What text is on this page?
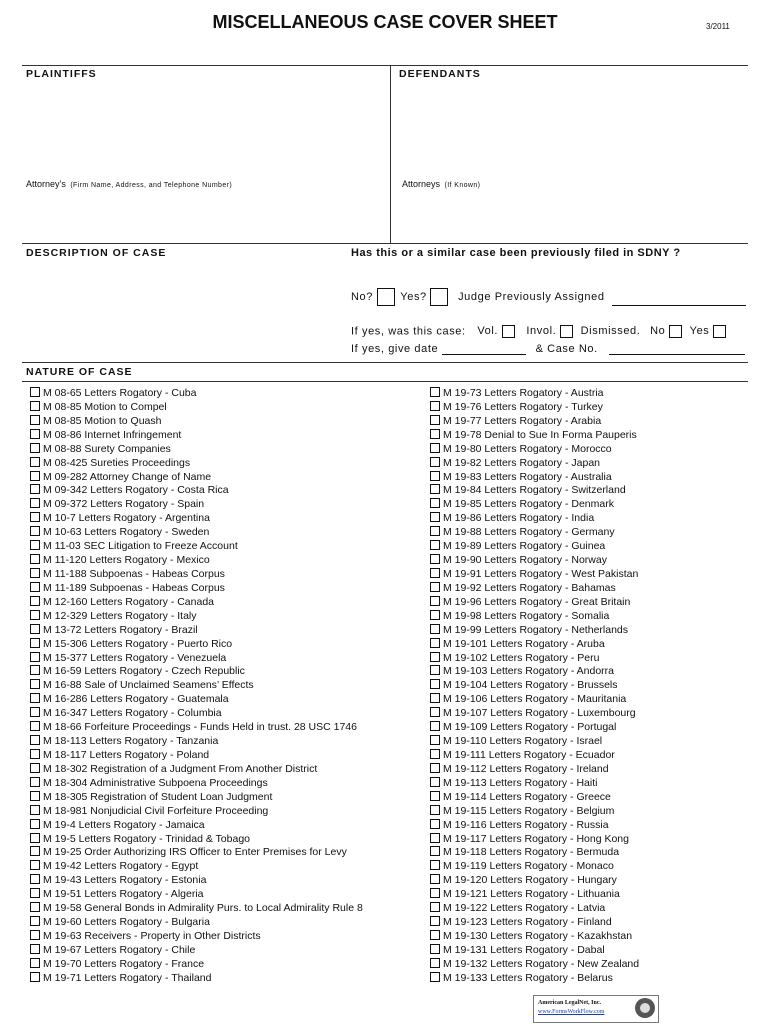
MISCELLANEOUS CASE COVER SHEET	3/2011
PLAINTIFFS	DEFENDANTS
Attorney’s (Firm Name, Address, and Telephone Number)	Attorneys (If Known)
DESCRIPTION OF CASE	Has this or a similar case been previously filed in SDNY ?
No? Yes?	Judge Previously Assigned
If yes, was this case: Vol.	Invol. Dismissed. No Yes
If yes, give date	& Case No.
NATURE OF CASE
M 08-65 Letters Rogatory - Cuba
M 08-85 Motion to Compel
M 08-85 Motion to Quash
M 08-86 Internet Infringement
M 08-88 Surety Companies
M 08-425 Sureties Proceedings
M 09-282 Attorney Change of Name
M 09-342 Letters Rogatory - Costa Rica
M 09-372 Letters Rogatory - Spain
M 10-7 Letters Rogatory - Argentina
M 10-63 Letters Rogatory - Sweden
M 11-03 SEC Litigation to Freeze Account
M 11-120 Letters Rogatory - Mexico
M 11-188 Subpoenas - Habeas Corpus
M 11-189 Subpoenas - Habeas Corpus
M 12-160 Letters Rogatory - Canada
M 12-329 Letters Rogatory - Italy
M 13-72 Letters Rogatory - Brazil
M 15-306 Letters Rogatory - Puerto Rico
M 15-377 Letters Rogatory - Venezuela
M 16-59 Letters Rogatory - Czech Republic
M 16-88 Sale of Unclaimed Seamens’ Effects
M 16-286 Letters Rogatory - Guatemala
M 16-347 Letters Rogatory - Columbia
M 18-66 Forfeiture Proceedings - Funds Held in trust. 28 USC 1746
M 18-113 Letters Rogatory - Tanzania
M 18-117 Letters Rogatory - Poland
M 18-302 Registration of a Judgment From Another District
M 18-304 Administrative Subpoena Proceedings
M 18-305 Registration of Student Loan Judgment
M 18-981 Nonjudicial Civil Forfeiture Proceeding
M 19-4 Letters Rogatory - Jamaica
M 19-5 Letters Rogatory - Trinidad & Tobago
M 19-25 Order Authorizing IRS Officer to Enter Premises for Levy
M 19-42 Letters Rogatory - Egypt
M 19-43 Letters Rogatory - Estonia
M 19-51 Letters Rogatory - Algeria
M 19-58 General Bonds in Admirality Purs. to Local Admirality Rule 8
M 19-60 Letters Rogatory - Bulgaria
M 19-63 Receivers - Property in Other Districts
M 19-67 Letters Rogatory - Chile
M 19-70 Letters Rogatory - France
M 19-71 Letters Rogatory - Thailand
M 19-73 Letters Rogatory - Austria
M 19-76 Letters Rogatory - Turkey
M 19-77 Letters Rogatory - Arabia
M 19-78 Denial to Sue In Forma Pauperis
M 19-80 Letters Rogatory - Morocco
M 19-82 Letters Rogatory - Japan
M 19-83 Letters Rogatory - Australia
M 19-84 Letters Rogatory - Switzerland
M 19-85 Letters Rogatory - Denmark
M 19-86 Letters Rogatory - India
M 19-88 Letters Rogatory - Germany
M 19-89 Letters Rogatory - Guinea
M 19-90 Letters Rogatory - Norway
M 19-91 Letters Rogatory - West Pakistan
M 19-92 Letters Rogatory - Bahamas
M 19-96 Letters Rogatory - Great Britain
M 19-98 Letters Rogatory - Somalia
M 19-99 Letters Rogatory - Netherlands
M 19-101 Letters Rogatory - Aruba
M 19-102 Letters Rogatory - Peru
M 19-103 Letters Rogatory - Andorra
M 19-104 Letters Rogatory - Brussels
M 19-106 Letters Rogatory - Mauritania
M 19-107 Letters Rogatory - Luxembourg
M 19-109 Letters Rogatory - Portugal
M 19-110 Letters Rogatory - Israel
M 19-111 Letters Rogatory - Ecuador
M 19-112 Letters Rogatory - Ireland
M 19-113 Letters Rogatory - Haiti
M 19-114 Letters Rogatory - Greece
M 19-115 Letters Rogatory - Belgium
M 19-116 Letters Rogatory - Russia
M 19-117 Letters Rogatory - Hong Kong
M 19-118 Letters Rogatory - Bermuda
M 19-119 Letters Rogatory - Monaco
M 19-120 Letters Rogatory - Hungary
M 19-121 Letters Rogatory - Lithuania
M 19-122 Letters Rogatory - Latvia
M 19-123 Letters Rogatory - Finland
M 19-130 Letters Rogatory - Kazakhstan
M 19-131 Letters Rogatory - Dabal
M 19-132 Letters Rogatory - New Zealand
M 19-133 Letters Rogatory - Belarus
American LegalNet, Inc.
www.FormsWorkFlow.com
